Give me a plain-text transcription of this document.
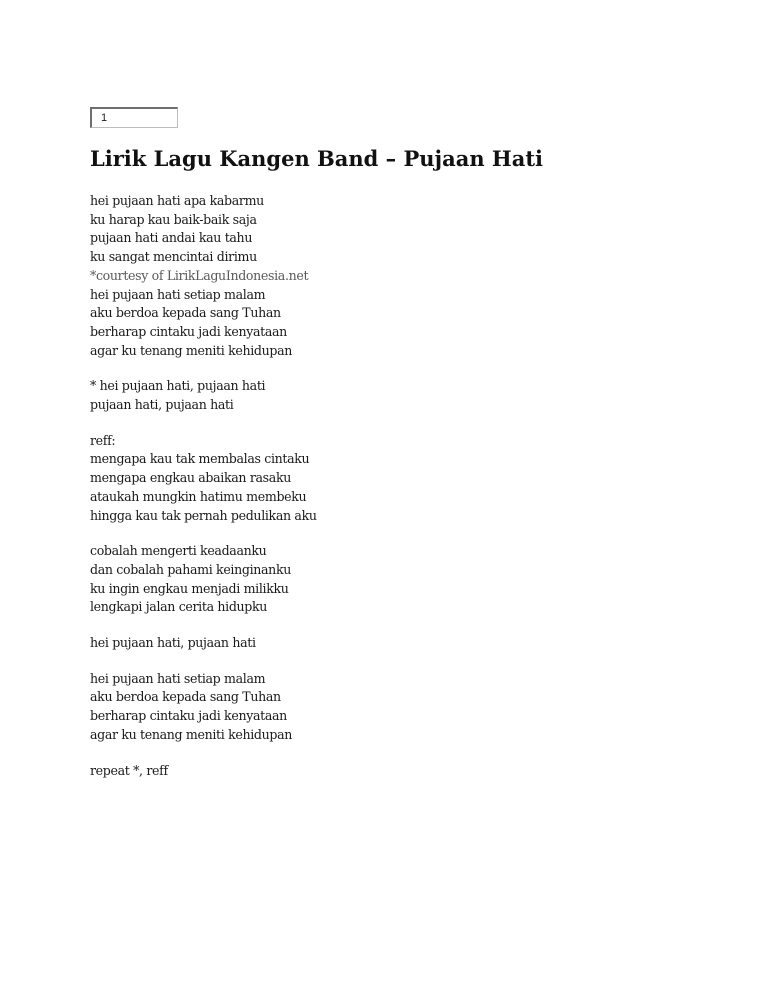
1
Lirik Lagu Kangen Band – Pujaan Hati
hei pujaan hati apa kabarmu
ku harap kau baik-baik saja
pujaan hati andai kau tahu
ku sangat mencintai dirimu
*courtesy of LirikLaguIndonesia.net
hei pujaan hati setiap malam
aku berdoa kepada sang Tuhan
berharap cintaku jadi kenyataan
agar ku tenang meniti kehidupan
* hei pujaan hati, pujaan hati
pujaan hati, pujaan hati
reff:
mengapa kau tak membalas cintaku
mengapa engkau abaikan rasaku
ataukah mungkin hatimu membeku
hingga kau tak pernah pedulikan aku
cobalah mengerti keadaanku
dan cobalah pahami keinginanku
ku ingin engkau menjadi milikku
lengkapi jalan cerita hidupku
hei pujaan hati, pujaan hati
hei pujaan hati setiap malam
aku berdoa kepada sang Tuhan
berharap cintaku jadi kenyataan
agar ku tenang meniti kehidupan
repeat *, reff
